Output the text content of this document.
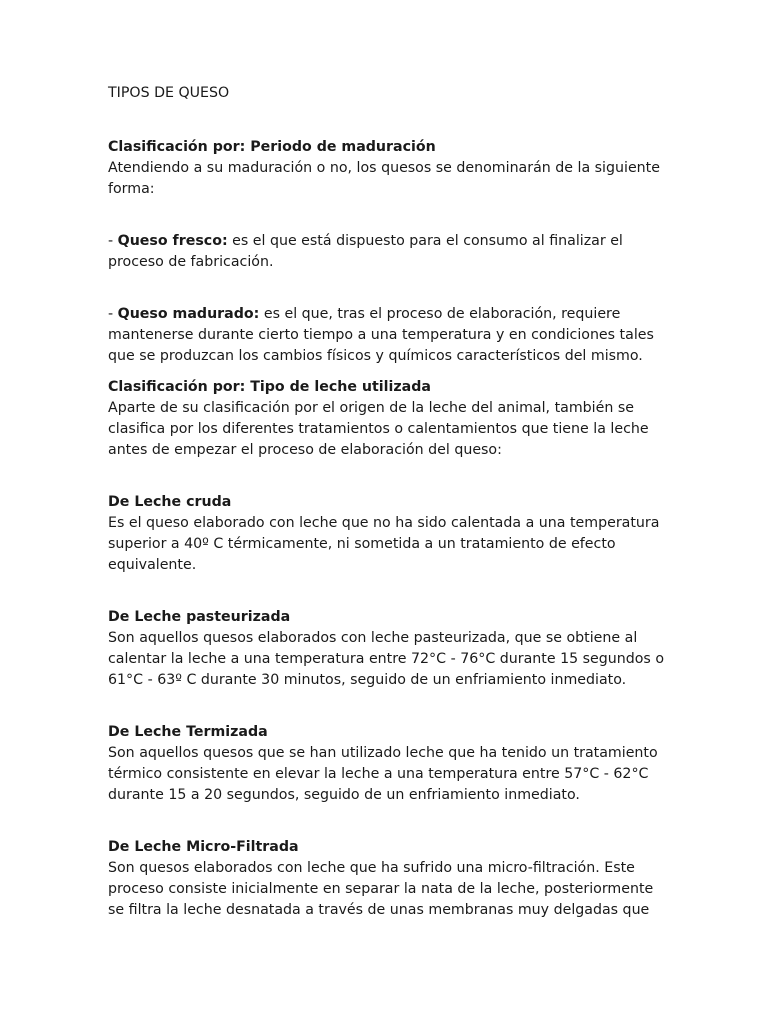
TIPOS DE QUESO

Clasificación por: Periodo de maduración

Atendiendo a su maduración o no, los quesos se denominarán de la siguiente forma:

- Queso fresco: es el que está dispuesto para el consumo al finalizar el proceso de fabricación.

- Queso madurado: es el que, tras el proceso de elaboración, requiere mantenerse durante cierto tiempo a una temperatura y en condiciones tales que se produzcan los cambios físicos y químicos característicos del mismo.

Clasificación por: Tipo de leche utilizada

Aparte de su clasificación por el origen de la leche del animal, también se clasifica por los diferentes tratamientos o calentamientos que tiene la leche antes de empezar el proceso de elaboración del queso:

De Leche cruda

Es el queso elaborado con leche que no ha sido calentada a una temperatura superior a 40º C térmicamente, ni sometida a un tratamiento de efecto equivalente.

De Leche pasteurizada

Son aquellos quesos elaborados con leche pasteurizada, que se obtiene al calentar la leche a una temperatura entre 72°C - 76°C durante 15 segundos o 61°C - 63º C durante 30 minutos, seguido de un enfriamiento inmediato.

De Leche Termizada

Son aquellos quesos que se han utilizado leche que ha tenido un tratamiento térmico consistente en elevar la leche a una temperatura entre 57°C - 62°C durante 15 a 20 segundos, seguido de un enfriamiento inmediato.

De Leche Micro-Filtrada

Son quesos elaborados con leche que ha sufrido una micro-filtración. Este proceso consiste inicialmente en separar la nata de la leche, posteriormente se filtra la leche desnatada a través de unas membranas muy delgadas que
